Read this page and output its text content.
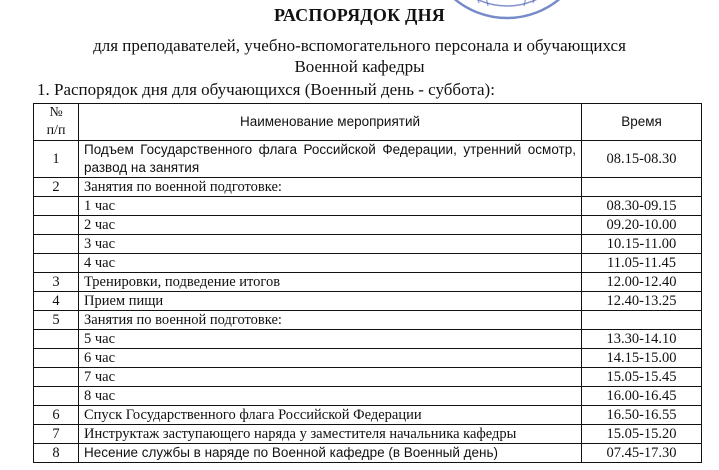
РАСПОРЯДОК ДНЯ
для преподавателей, учебно-вспомогательного персонала и обучающихся
Военной кафедры
1. Распорядок дня для обучающихся (Военный день - суббота):
№
п/п	Наименование мероприятий	Время
1	Подъем Государственного флага Российской Федерации, утренний осмотр, развод на занятия	08.15-08.30
2	Занятия по военной подготовке:	
	1 час	08.30-09.15
	2 час	09.20-10.00
	3 час	10.15-11.00
	4 час	11.05-11.45
3	Тренировки, подведение итогов	12.00-12.40
4	Прием пищи	12.40-13.25
5	Занятия по военной подготовке:	
	5 час	13.30-14.10
	6 час	14.15-15.00
	7 час	15.05-15.45
	8 час	16.00-16.45
6	Спуск Государственного флага Российской Федерации	16.50-16.55
7	Инструктаж заступающего наряда у заместителя начальника кафедры	15.05-15.20
8	Несение службы в наряде по Военной кафедре (в Военный день)	07.45-17.30
